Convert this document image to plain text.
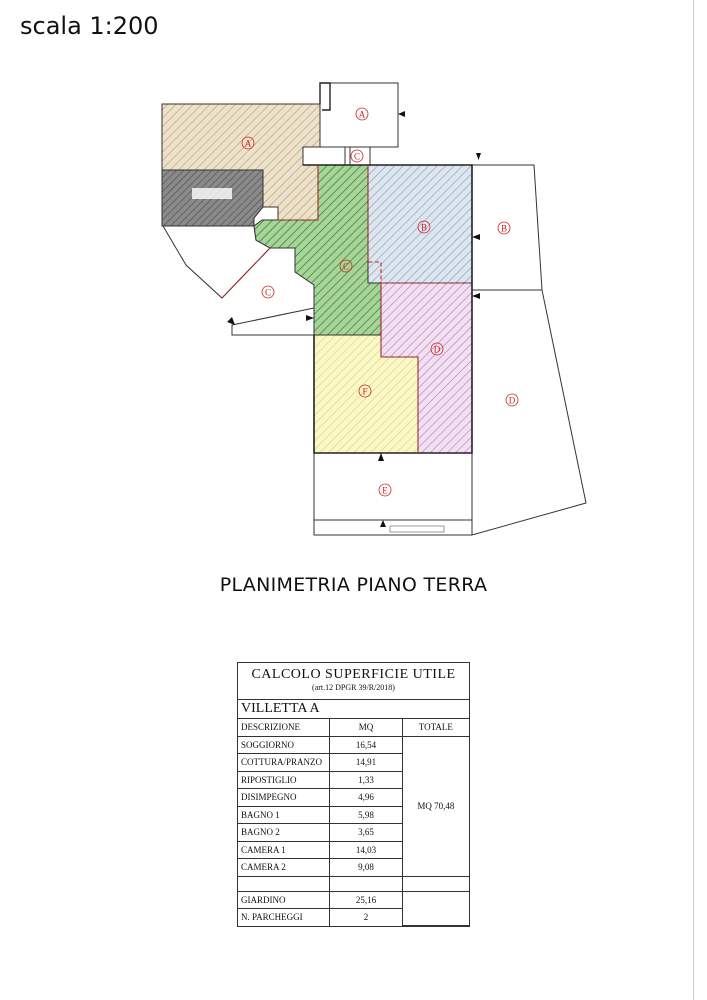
scala 1:200
A
A
C
B	B
C
C
D
D
F
E
PLANIMETRIA PIANO TERRA
CALCOLO SUPERFICIE UTILE
(art.12 DPGR 39/R/2018)
VILLETTA A
DESCRIZIONE	MQ	TOTALE
SOGGIORNO	16,54	MQ 70,48
COTTURA/PRANZO	14,91	
RIPOSTIGLIO	1,33	
DISIMPEGNO	4,96	
BAGNO 1	5,98	
BAGNO 2	3,65	
CAMERA 1	14,03	
CAMERA 2	9,08	

GIARDINO	25,16	
N. PARCHEGGI	2	
